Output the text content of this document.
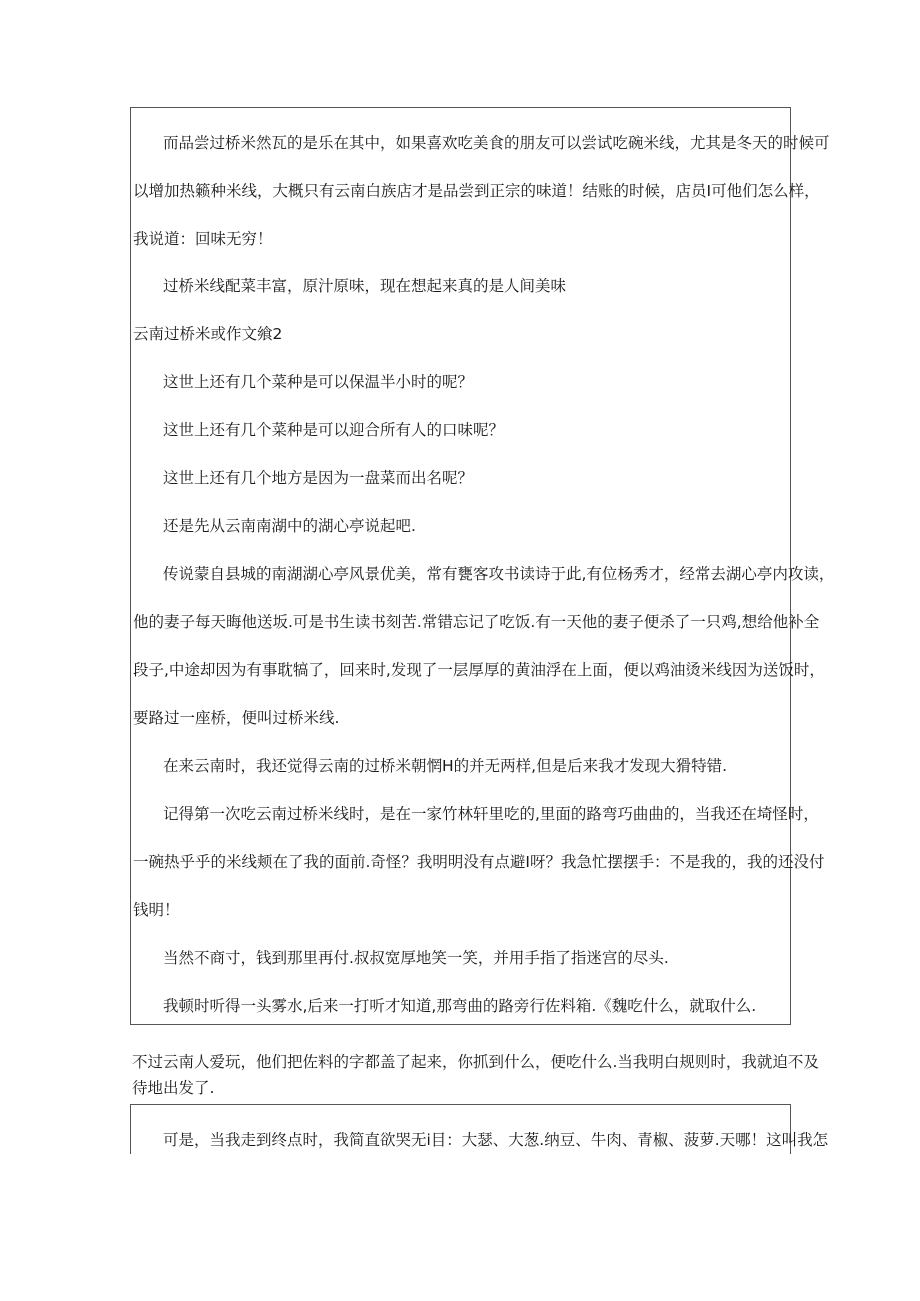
而品尝过桥米然瓦的是乐在其中，如果喜欢吃美食的朋友可以尝试吃碗米线，尤其是冬天的时候可
以增加热籁种米线，大概只有云南白族店才是品尝到正宗的味道！结账的时候，店员I可他们怎么样，
我说道：回味无穷！
过桥米线配菜丰富，原汁原味，现在想起来真的是人间美味
云南过桥米或作文飨2
这世上还有几个菜种是可以保温半小时的呢？
这世上还有几个菜种是可以迎合所有人的口味呢？
这世上还有几个地方是因为一盘菜而出名呢？
还是先从云南南湖中的湖心亭说起吧.
传说蒙自县城的南湖湖心亭风景优美，常有甕客攻书读诗于此,有位杨秀才，经常去湖心亭内攻读，
他的妻子每天晦他送坂.可是书生读书刻苦.常错忘记了吃饭.有一天他的妻子便杀了一只鸡,想给他补全
段子,中途却因为有事耽犒了，回来时,发现了一层厚厚的黄油浮在上面，便以鸡油烫米线因为送饭时，
要路过一座桥，便叫过桥米线.
在来云南时，我还觉得云南的过桥米朝惘H的并无两样,但是后来我才发现大猾特错.
记得第一次吃云南过桥米线时，是在一家竹林轩里吃的,里面的路弯巧曲曲的，当我还在埼怪时，
一碗热乎乎的米线颊在了我的面前.奇怪？我明明没有点避I呀？我急忙摆摆手：不是我的，我的还没付
钱明！
当然不商寸，钱到那里再付.叔叔宽厚地笑一笑，并用手指了指迷宫的尽头.
我顿时听得一头雾水,后来一打听才知道,那弯曲的路旁行佐料箱.《魏吃什么，就取什么.
不过云南人爱玩，他们把佐料的字都盖了起来，你抓到什么，便吃什么.当我明白规则时，我就迫不及
待地出发了.
可是，当我走到终点时，我简直欲哭无i目：大瑟、大葱.纳豆、牛肉、青椒、菠萝.天哪！这叫我怎
